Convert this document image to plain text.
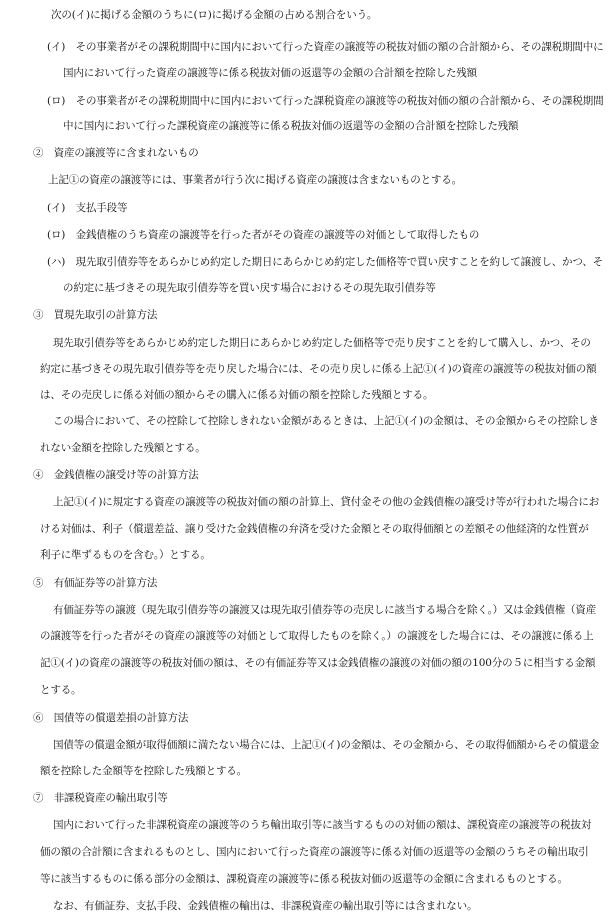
次の(イ)に掲げる金額のうちに(ロ)に掲げる金額の占める割合をいう。
(イ)　その事業者がその課税期間中に国内において行った資産の譲渡等の税抜対価の額の合計額から、その課税期間中に
国内において行った資産の譲渡等に係る税抜対価の返還等の金額の合計額を控除した残額
(ロ)　その事業者がその課税期間中に国内において行った課税資産の譲渡等の税抜対価の額の合計額から、その課税期間
中に国内において行った課税資産の譲渡等に係る税抜対価の返還等の金額の合計額を控除した残額
②　資産の譲渡等に含まれないもの
上記①の資産の譲渡等には、事業者が行う次に掲げる資産の譲渡は含まないものとする。
(イ)　支払手段等
(ロ)　金銭債権のうち資産の譲渡等を行った者がその資産の譲渡等の対価として取得したもの
(ハ)　現先取引債券等をあらかじめ約定した期日にあらかじめ約定した価格等で買い戻すことを約して譲渡し、かつ、そ
の約定に基づきその現先取引債券等を買い戻す場合におけるその現先取引債券等
③　買現先取引の計算方法
現先取引債券等をあらかじめ約定した期日にあらかじめ約定した価格等で売り戻すことを約して購入し、かつ、その
約定に基づきその現先取引債券等を売り戻した場合には、その売り戻しに係る上記①(イ)の資産の譲渡等の税抜対価の額
は、その売戻しに係る対価の額からその購入に係る対価の額を控除した残額とする。
この場合において、その控除して控除しきれない金額があるときは、上記①(イ)の金額は、その金額からその控除しき
れない金額を控除した残額とする。
④　金銭債権の譲受け等の計算方法
上記①(イ)に規定する資産の譲渡等の税抜対価の額の計算上、貸付金その他の金銭債権の譲受け等が行われた場合にお
ける対価は、利子（償還差益、譲り受けた金銭債権の弁済を受けた金額とその取得価額との差額その他経済的な性質が
利子に準ずるものを含む。）とする。
⑤　有価証券等の計算方法
有価証券等の譲渡（現先取引債券等の譲渡又は現先取引債券等の売戻しに該当する場合を除く。）又は金銭債権（資産
の譲渡等を行った者がその資産の譲渡等の対価として取得したものを除く。）の譲渡をした場合には、その譲渡に係る上
記①(イ)の資産の譲渡等の税抜対価の額は、その有価証券等又は金銭債権の譲渡の対価の額の100分の５に相当する金額
とする。
⑥　国債等の償還差損の計算方法
国債等の償還金額が取得価額に満たない場合には、上記①(イ)の金額は、その金額から、その取得価額からその償還金
額を控除した金額等を控除した残額とする。
⑦　非課税資産の輸出取引等
国内において行った非課税資産の譲渡等のうち輸出取引等に該当するものの対価の額は、課税資産の譲渡等の税抜対
価の額の合計額に含まれるものとし、国内において行った資産の譲渡等に係る対価の返還等の金額のうちその輸出取引
等に該当するものに係る部分の金額は、課税資産の譲渡等に係る税抜対価の返還等の金額に含まれるものとする。
なお、有価証券、支払手段、金銭債権の輸出は、非課税資産の輸出取引等には含まれない。
